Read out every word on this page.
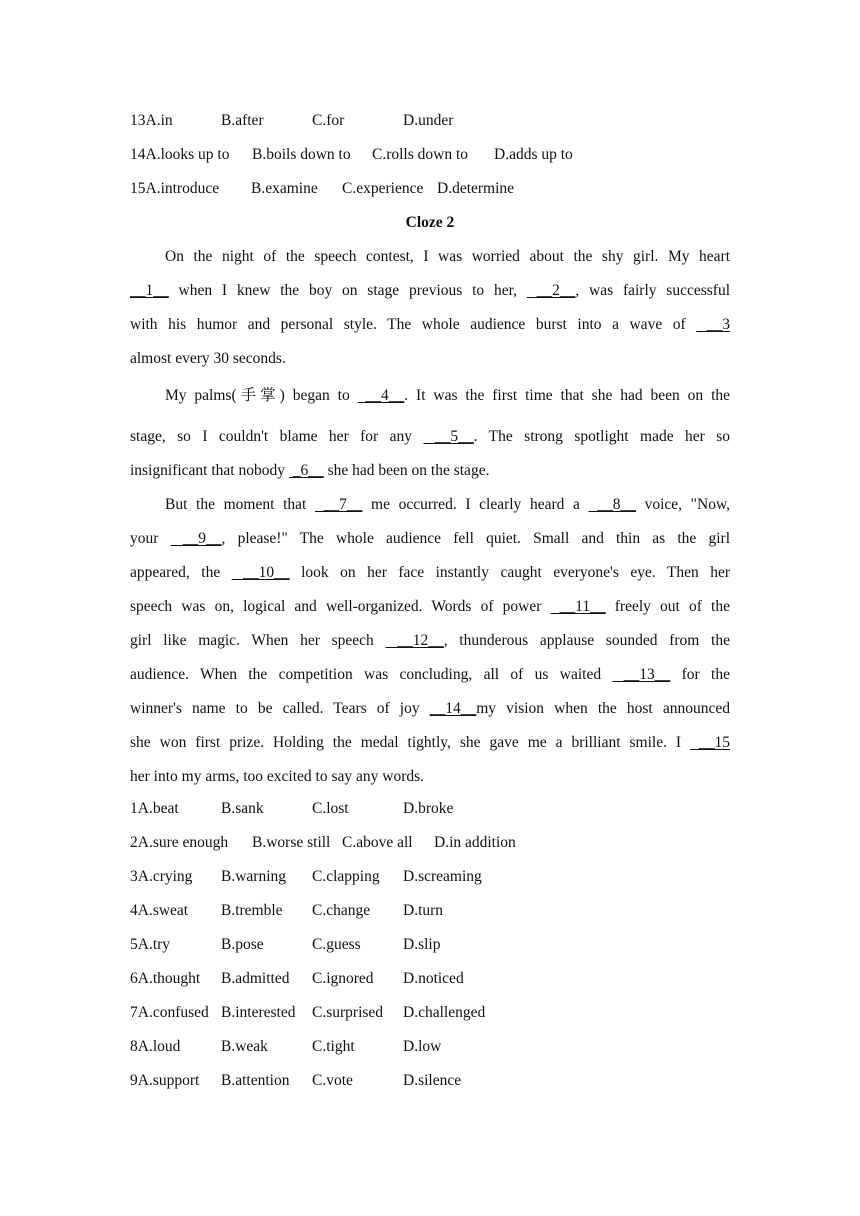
13A.in	B.after	C.for	D.under
14A.looks up to B.boils down to C.rolls down to D.adds up to
15A.introduce B.examine C.experience D.determine
Cloze 2
On the night of the speech contest, I was worried about the shy girl. My heart
__1__ when I knew the boy on stage previous to her,  __2__, was fairly successful
with his humor and personal style. The whole audience burst into a wave of  __3
almost every 30 seconds.
My palms(手掌) began to  __4__. It was the first time that she had been on the
stage, so I couldn't blame her for any  __5__. The strong spotlight made her so
insignificant that nobody  _6__ she had been on the stage.
But the moment that  __7__ me occurred. I clearly heard a  __8__ voice, "Now,
your  __9__, please!" The whole audience fell quiet. Small and thin as the girl
appeared, the  __10__ look on her face instantly caught everyone's eye. Then her
speech was on, logical and well-organized. Words of power  __11__ freely out of the
girl like magic. When her speech  __12__, thunderous applause sounded from the
audience. When the competition was concluding, all of us waited  __13__ for the
winner's name to be called. Tears of joy __14__my vision when the host announced
she won first prize. Holding the medal tightly, she gave me a brilliant smile. I  __15
her into my arms, too excited to say any words.
1A.beat	B.sank	C.lost	D.broke
2A.sure enough B.worse still C.above all D.in addition
3A.crying B.warning C.clapping D.screaming
4A.sweat B.tremble C.change D.turn
5A.try	B.pose	C.guess	D.slip
6A.thought B.admitted C.ignored D.noticed
7A.confused B.interested C.surprised D.challenged
8A.loud	B.weak	C.tight	D.low
9A.support B.attention C.vote	D.silence
